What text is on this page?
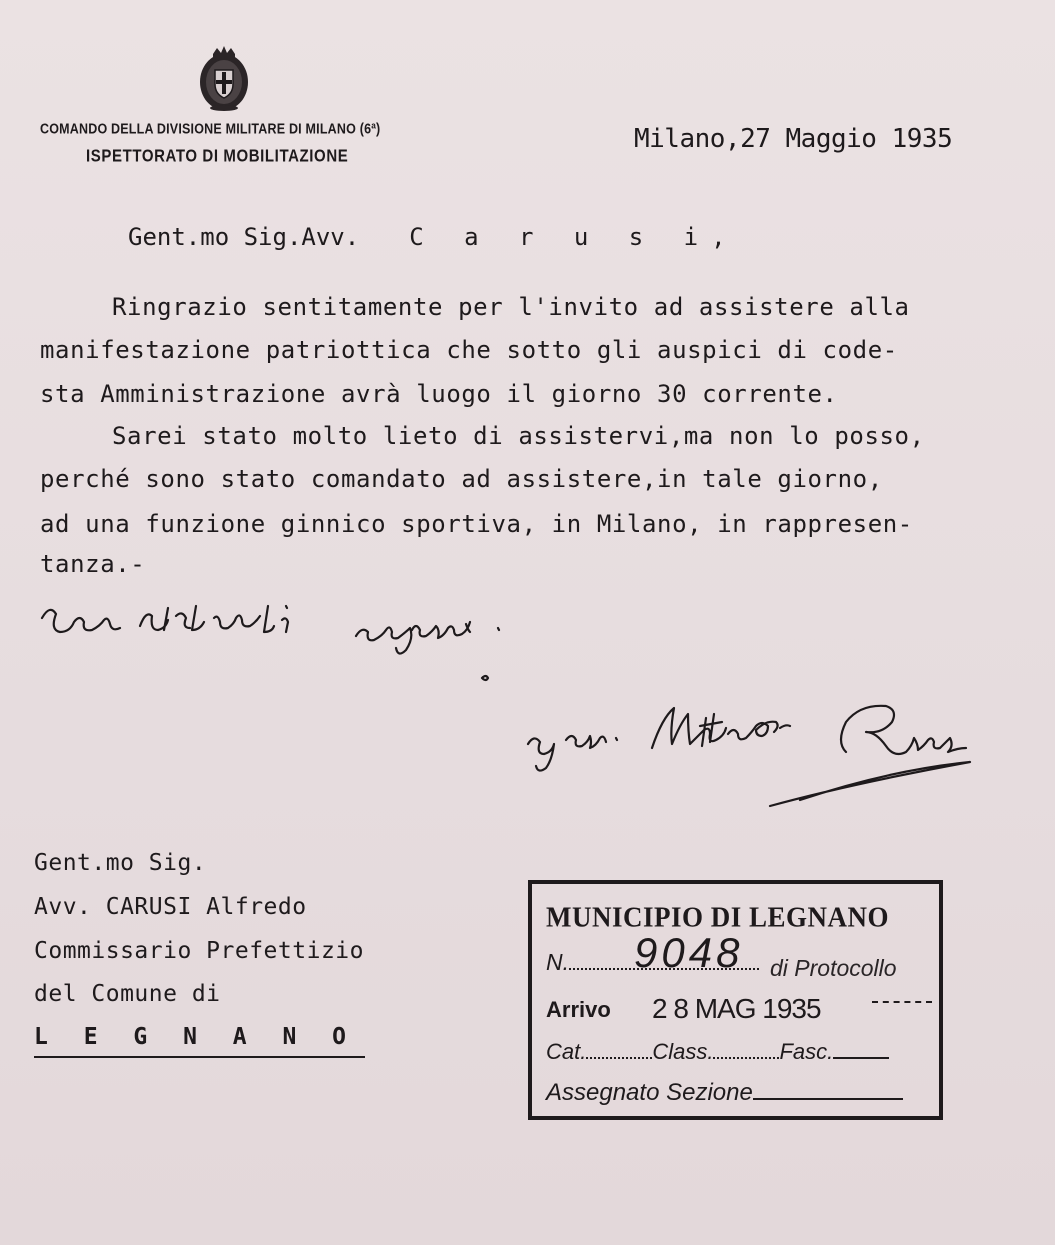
COMANDO DELLA DIVISIONE MILITARE DI MILANO (6ª)
ISPETTORATO DI MOBILITAZIONE
Milano,27 Maggio 1935
Gent.mo Sig.Avv. C a r u s i,
Ringrazio sentitamente per l'invito ad assistere alla
manifestazione patriottica che sotto gli auspici di code-
sta Amministrazione avrà luogo il giorno 30 corrente.
Sarei stato molto lieto di assistervi,ma non lo posso,
perché sono stato comandato ad assistere,in tale giorno,
ad una funzione ginnico sportiva, in Milano, in rappresen-
tanza.-
Gent.mo Sig.
Avv. CARUSI Alfredo
Commissario Prefettizio
del Comune di
L E G N A N O
MUNICIPIO DI LEGNANO
N. 9048 di Protocollo
Arrivo 2 8 MAG 1935
Cat.	Class.	Fasc.
Assegnato Sezione
